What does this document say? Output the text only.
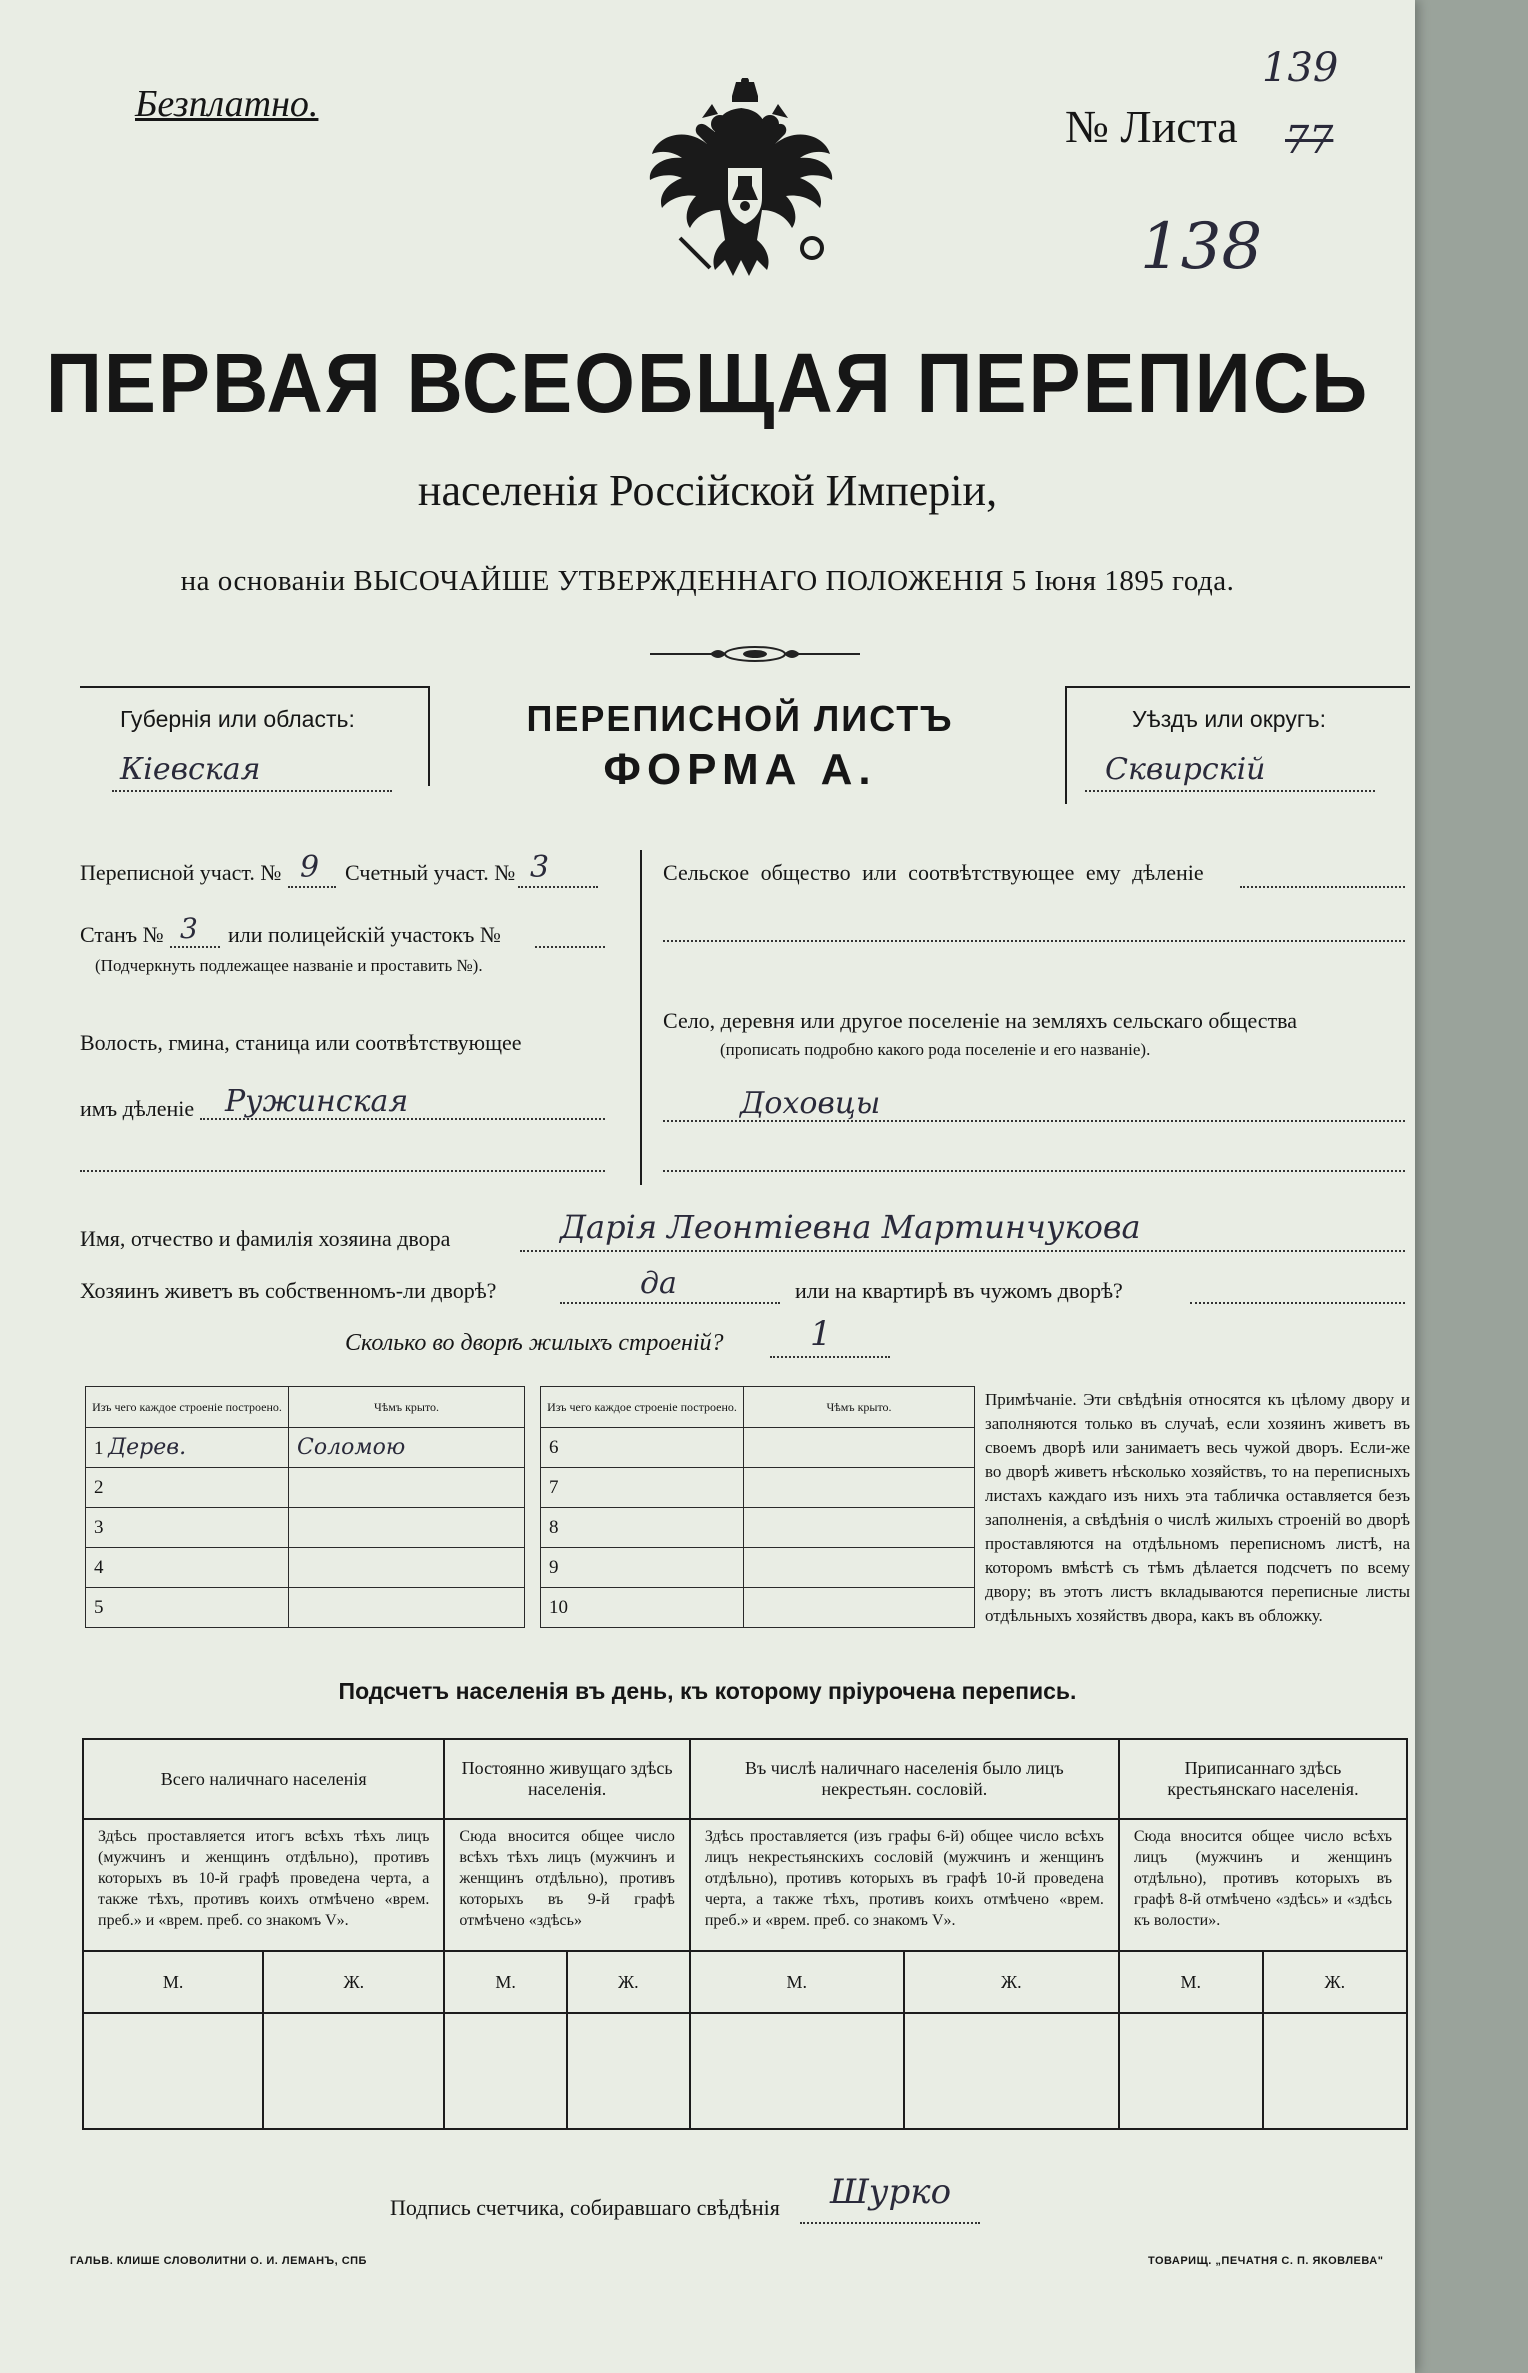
Безплатно.	№ Листа
139
77
138
ПЕРВАЯ ВСЕОБЩАЯ ПЕРЕПИСЬ
населенія Россійской Имперіи,
на основаніи ВЫСОЧАЙШЕ УТВЕРЖДЕННАГО ПОЛОЖЕНІЯ 5 Іюня 1895 года.
Губернія или область:
Кіевская
ПЕРЕПИСНОЙ ЛИСТЪ
ФОРМА А.
Уѣздъ или округъ:
Сквирскій
Переписной участ. № 9 Счетный участ. № 3
Станъ № 3 или полицейскій участокъ №
(Подчеркнуть подлежащее названіе и проставить №).
Волость, гмина, станица или соотвѣтствующее
имъ дѣленіе Ружинская
Сельское общество или соотвѣтствующее ему дѣленіе
Село, деревня или другое поселеніе на земляхъ сельскаго общества
(прописать подробно какого рода поселеніе и его названіе).
Доховцы
Имя, отчество и фамилія хозяина двора	Дарія Леонтіевна Мартинчукова
Хозяинъ живетъ въ собственномъ-ли дворѣ?	да	или на квартирѣ въ чужомъ дворѣ?
Сколько во дворѣ жилыхъ строеній?	1
Изъ чего каждое строеніе построено.	Чѣмъ крыто.
1 Дерев.	Соломою
2	
3	
4	
5	
Изъ чего каждое строеніе построено.	Чѣмъ крыто.
6	
7	
8	
9	
10	
Примѣчаніе. Эти свѣдѣнія относятся къ цѣлому двору и заполняются только въ случаѣ, если хозяинъ живетъ въ своемъ дворѣ или занимаетъ весь чужой дворъ. Если-же во дворѣ живетъ нѣсколько хозяйствъ, то на переписныхъ листахъ каждаго изъ нихъ эта табличка оставляется безъ заполненія, а свѣдѣнія о числѣ жилыхъ строеній во дворѣ проставляются на отдѣльномъ переписномъ листѣ, на которомъ вмѣстѣ съ тѣмъ дѣлается подсчетъ по всему двору; въ этотъ листъ вкладываются переписные листы отдѣльныхъ хозяйствъ двора, какъ въ обложку.
Подсчетъ населенія въ день, къ которому пріурочена перепись.
Всего наличнаго населенія		Постоянно живущаго здѣсь населенія.		Въ числѣ наличнаго населенія было лицъ некрестьян. сословій.		Приписаннаго здѣсь крестьянскаго населенія.	
Здѣсь проставляется итогъ всѣхъ тѣхъ лицъ (мужчинъ и женщинъ отдѣльно), противъ которыхъ въ 10-й графѣ проведена черта, а также тѣхъ, противъ коихъ отмѣчено «врем. преб.» и «врем. преб. со знакомъ V».		Сюда вносится общее число всѣхъ тѣхъ лицъ (мужчинъ и женщинъ отдѣльно), противъ которыхъ въ 9-й графѣ отмѣчено «здѣсь»		Здѣсь проставляется (изъ графы 6-й) общее число всѣхъ лицъ некрестьянскихъ сословій (мужчинъ и женщинъ отдѣльно), противъ которыхъ въ графѣ 10-й проведена черта, а также тѣхъ, противъ коихъ отмѣчено «врем. преб.» и «врем. преб. со знакомъ V».		Сюда вносится общее число всѣхъ лицъ (мужчинъ и женщинъ отдѣльно), противъ которыхъ въ графѣ 8-й отмѣчено «здѣсь» и «здѣсь къ волости».	
М.	Ж.	М.	Ж.	М.	Ж.	М.	Ж.

Подпись счетчика, собиравшаго свѣдѣнія Шурко
ГАЛЬВ. КЛИШЕ СЛОВОЛИТНИ О. И. ЛЕМАНЪ, СПБ	ТОВАРИЩ. „ПЕЧАТНЯ С. П. ЯКОВЛЕВА"
